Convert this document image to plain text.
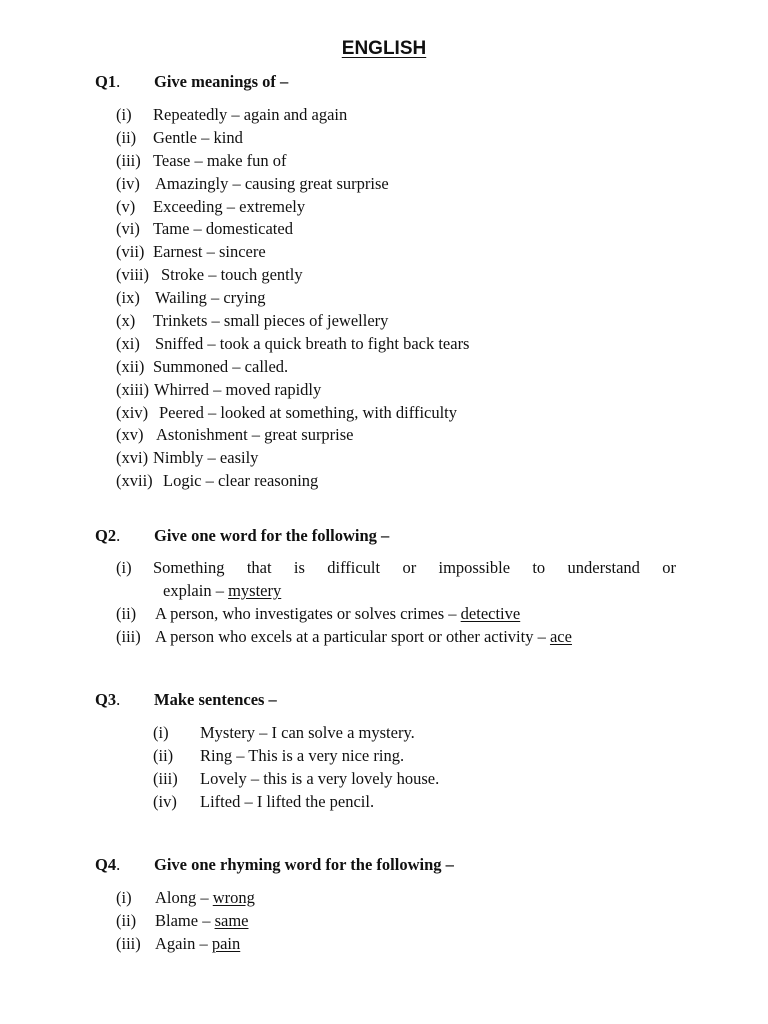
ENGLISH
Q1. Give meanings of –
(i) Repeatedly – again and again
(ii) Gentle – kind
(iii) Tease – make fun of
(iv) Amazingly – causing great surprise
(v) Exceeding – extremely
(vi) Tame – domesticated
(vii) Earnest – sincere
(viii) Stroke – touch gently
(ix) Wailing – crying
(x) Trinkets – small pieces of jewellery
(xi) Sniffed – took a quick breath to fight back tears
(xii) Summoned – called.
(xiii) Whirred – moved rapidly
(xiv) Peered – looked at something, with difficulty
(xv) Astonishment – great surprise
(xvi) Nimbly – easily
(xvii) Logic – clear reasoning
Q2. Give one word for the following –
(i)	Something that is difficult or impossible to understand or
explain – mystery
(ii) A person, who investigates or solves crimes – detective
(iii) A person who excels at a particular sport or other activity – ace
Q3. Make sentences –
(i) Mystery – I can solve a mystery.
(ii) Ring – This is a very nice ring.
(iii) Lovely – this is a very lovely house.
(iv) Lifted – I lifted the pencil.
Q4. Give one rhyming word for the following –
(i) Along – wrong
(ii) Blame – same
(iii) Again – pain
